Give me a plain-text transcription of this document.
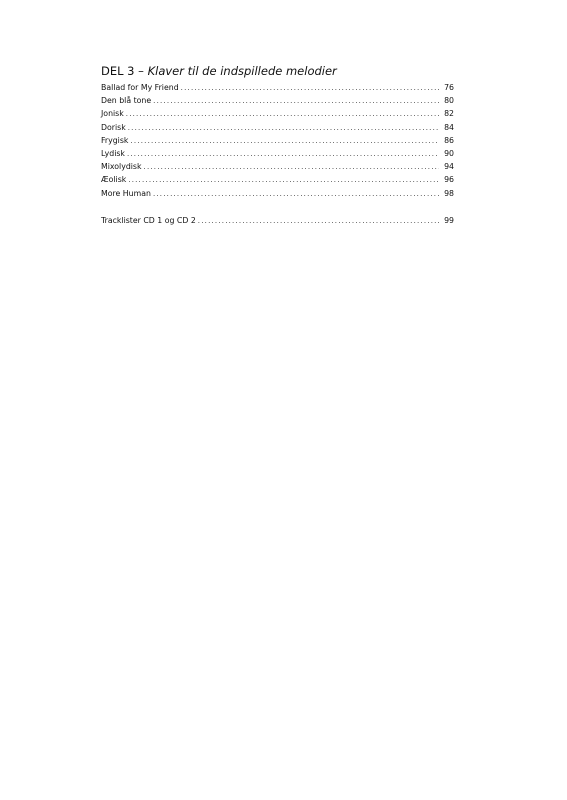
DEL 3 – Klaver til de indspillede melodier
Ballad for My Friend .....	76
Den blå tone .....	80
Jonisk .....	82
Dorisk .....	84
Frygisk .....	86
Lydisk .....	90
Mixolydisk .....	94
Æolisk .....	96
More Human .....	98
Tracklister CD 1 og CD 2 .....	99
